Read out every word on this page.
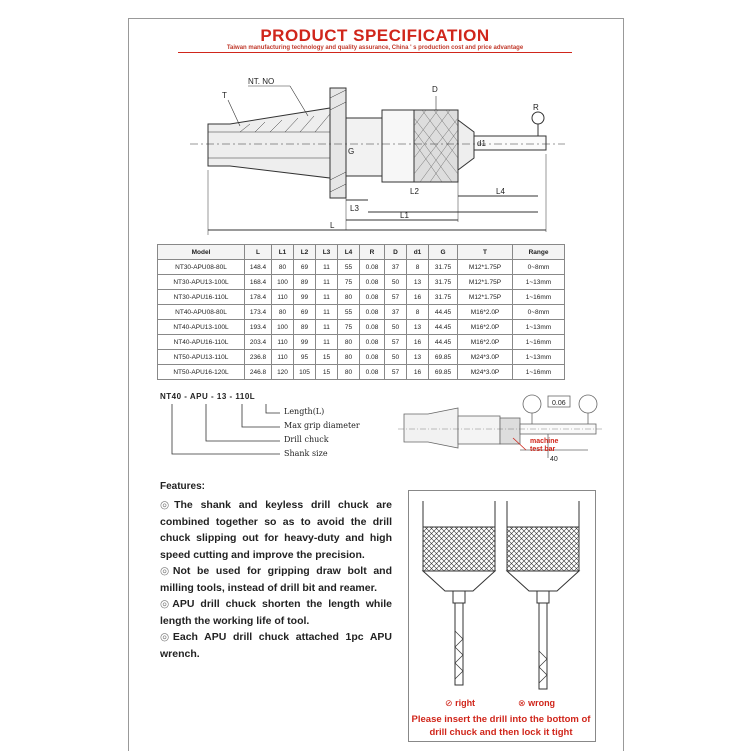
PRODUCT SPECIFICATION
Taiwan manufacturing technology and quality assurance, China ' s production cost and price advantage
T
NT. NO
D
R
d1
G
L2	L4
L3
L1
L
Model	L	L1	L2	L3	L4	R	D	d1	G	T	Range
NT30-APU08-80L	148.4	80	69	11	55	0.08	37	8	31.75	M12*1.75P	0~8mm
NT30-APU13-100L	168.4	100	89	11	75	0.08	50	13	31.75	M12*1.75P	1~13mm
NT30-APU16-110L	178.4	110	99	11	80	0.08	57	16	31.75	M12*1.75P	1~16mm
NT40-APU08-80L	173.4	80	69	11	55	0.08	37	8	44.45	M16*2.0P	0~8mm
NT40-APU13-100L	193.4	100	89	11	75	0.08	50	13	44.45	M16*2.0P	1~13mm
NT40-APU16-110L	203.4	110	99	11	80	0.08	57	16	44.45	M16*2.0P	1~16mm
NT50-APU13-110L	236.8	110	95	15	80	0.08	50	13	69.85	M24*3.0P	1~13mm
NT50-APU16-120L	246.8	120	105	15	80	0.08	57	16	69.85	M24*3.0P	1~16mm
NT40 - APU - 13 - 110L
Length(L)
Max grip diameter
Drill chuck
Shank size
0.06
machine
test bar
40
Features:

◎The shank and keyless drill chuck are combined together so as to avoid the drill chuck slipping out for heavy-duty and high speed cutting and improve the precision.

◎Not be used for gripping draw bolt and milling tools, instead of drill bit and reamer.

◎APU drill chuck shorten the length while length the working life of tool.

◎Each APU drill chuck attached 1pc APU wrench.

⊘ right	⊗ wrong
Please insert the drill into the bottom of drill chuck and then lock it tight
